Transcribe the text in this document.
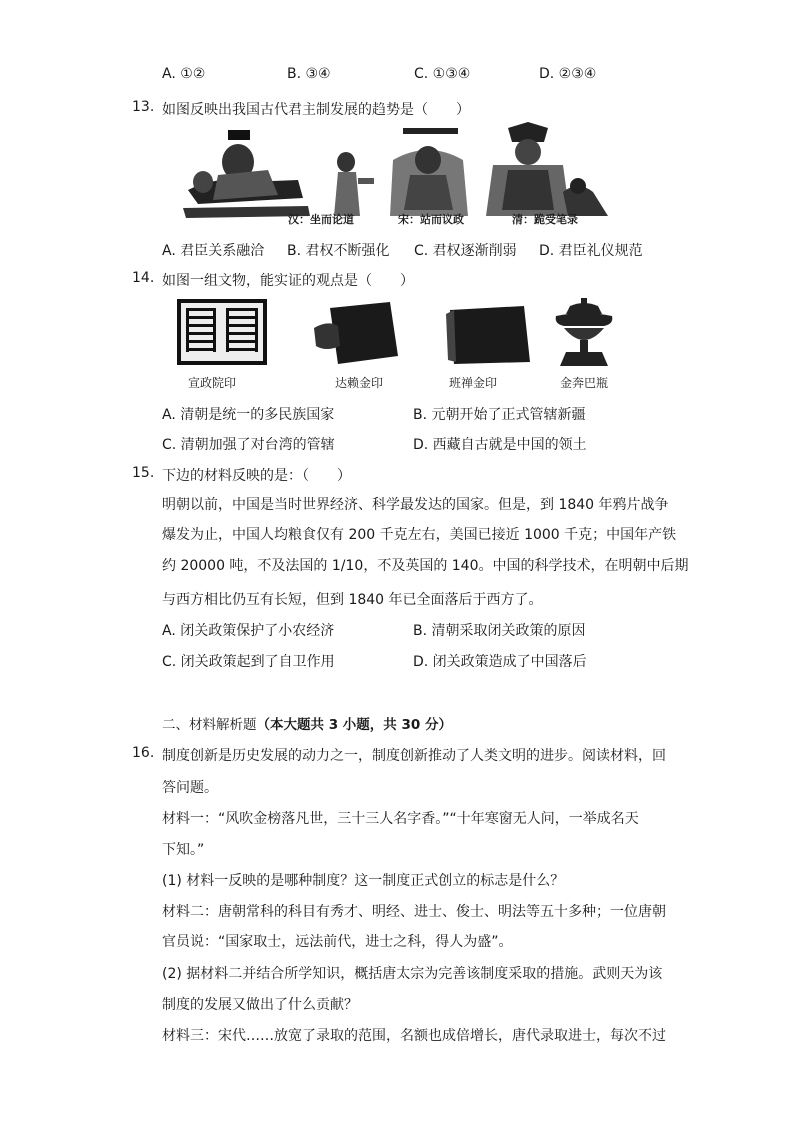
A. ①②	B. ③④	C. ①③④	D. ②③④
13. 如图反映出我国古代君主制发展的趋势是（　　）
汉：坐而论道	宋：站而议政	清：跪受笔录
A. 君臣关系融洽 B. 君权不断强化 C. 君权逐渐削弱 D. 君臣礼仪规范
14. 如图一组文物，能实证的观点是（　　）
宣政院印	达赖金印	班禅金印	金奔巴瓶
A. 清朝是统一的多民族国家	B. 元朝开始了正式管辖新疆
C. 清朝加强了对台湾的管辖	D. 西藏自古就是中国的领土
15. 下边的材料反映的是：（　　）
明朝以前，中国是当时世界经济、科学最发达的国家。但是，到 1840 年鸦片战争
爆发为止，中国人均粮食仅有 200 千克左右，美国已接近 1000 千克；中国年产铁
约 20000 吨，不及法国的 1/10，不及英国的 140。中国的科学技术，在明朝中后期
与西方相比仍互有长短，但到 1840 年已全面落后于西方了。
A. 闭关政策保护了小农经济	B. 清朝采取闭关政策的原因
C. 闭关政策起到了自卫作用	D. 闭关政策造成了中国落后
二、材料解析题（本大题共 3 小题，共 30 分）
16. 制度创新是历史发展的动力之一，制度创新推动了人类文明的进步。阅读材料，回
答问题。
材料一：“风吹金榜落凡世，三十三人名字香。”“十年寒窗无人问，一举成名天
下知。”
(1) 材料一反映的是哪种制度？这一制度正式创立的标志是什么？
材料二：唐朝常科的科目有秀才、明经、进士、俊士、明法等五十多种；一位唐朝
官员说：“国家取士，远法前代，进士之科，得人为盛”。
(2) 据材料二并结合所学知识，概括唐太宗为完善该制度采取的措施。武则天为该
制度的发展又做出了什么贡献？
材料三：宋代……放宽了录取的范围，名额也成倍增长，唐代录取进士，每次不过
